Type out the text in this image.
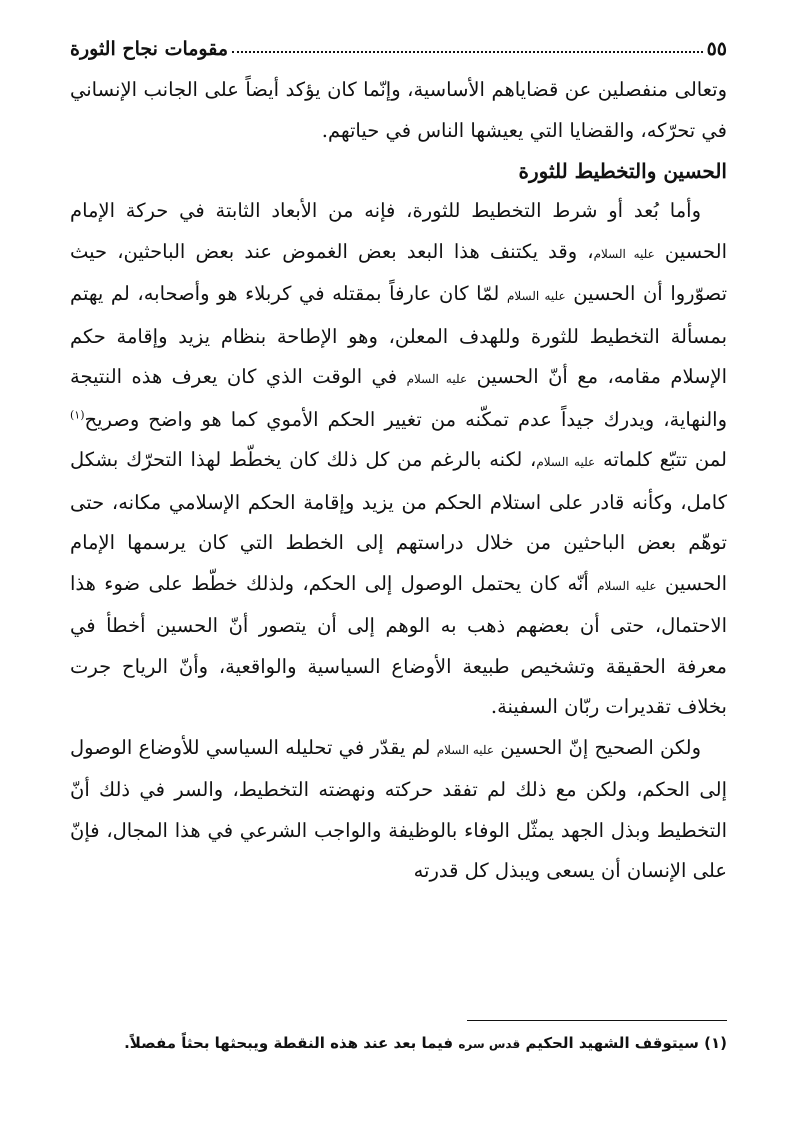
٥٥
مقومات نجاح الثورة

وتعالى منفصلين عن قضاياهم الأساسية، وإنّما كان يؤكد أيضاً على الجانب الإنساني في تحرّكه، والقضايا التي يعيشها الناس في حياتهم.

الحسين والتخطيط للثورة

وأما بُعد أو شرط التخطيط للثورة، فإنه من الأبعاد الثابتة في حركة الإمام الحسين عليه السلام، وقد يكتنف هذا البعد بعض الغموض عند بعض الباحثين، حيث تصوّروا أن الحسين عليه السلام لمّا كان عارفاً بمقتله في كربلاء هو وأصحابه، لم يهتم بمسألة التخطيط للثورة وللهدف المعلن، وهو الإطاحة بنظام يزيد وإقامة حكم الإسلام مقامه، مع أنّ الحسين عليه السلام في الوقت الذي كان يعرف هذه النتيجة والنهاية، ويدرك جيداً عدم تمكّنه من تغيير الحكم الأموي كما هو واضح وصريح$^{(١)}$ لمن تتبّع كلماته عليه السلام، لكنه بالرغم من كل ذلك كان يخطّط لهذا التحرّك بشكل كامل، وكأنه قادر على استلام الحكم من يزيد وإقامة الحكم الإسلامي مكانه، حتى توهّم بعض الباحثين من خلال دراستهم إلى الخطط التي كان يرسمها الإمام الحسين عليه السلام أنّه كان يحتمل الوصول إلى الحكم، ولذلك خطّط على ضوء هذا الاحتمال، حتى أن بعضهم ذهب به الوهم إلى أن يتصور أنّ الحسين أخطأ في معرفة الحقيقة وتشخيص طبيعة الأوضاع السياسية والواقعية، وأنّ الرياح جرت بخلاف تقديرات ربّان السفينة.

ولكن الصحيح إنّ الحسين عليه السلام لم يقدّر في تحليله السياسي للأوضاع الوصول إلى الحكم، ولكن مع ذلك لم تفقد حركته ونهضته التخطيط، والسر في ذلك أنّ التخطيط وبذل الجهد يمثّل الوفاء بالوظيفة والواجب الشرعي في هذا المجال، فإنّ على الإنسان أن يسعى ويبذل كل قدرته

(١) سيتوقف الشهيد الحكيم قدس سره فيما بعد عند هذه النقطة ويبحثها بحثاً مفصلاً.
